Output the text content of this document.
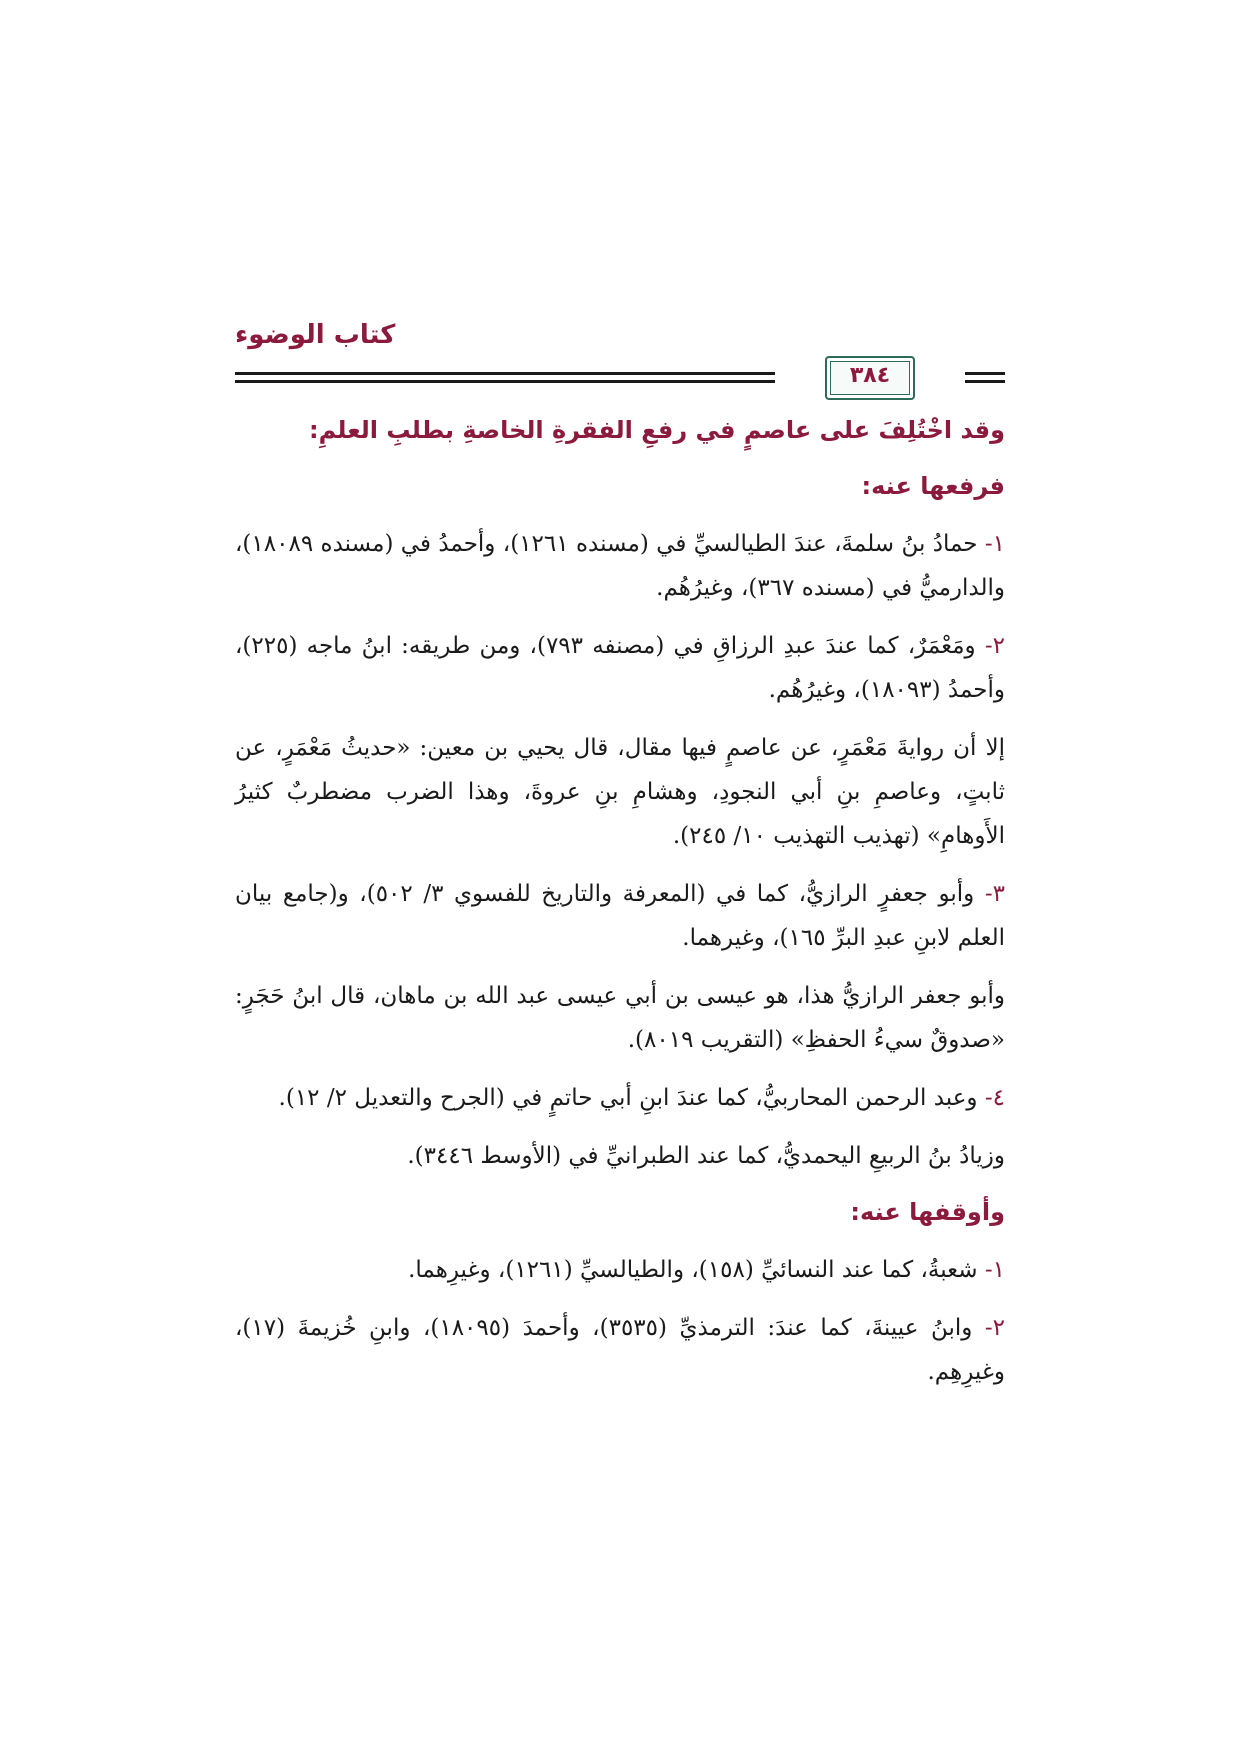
كتاب الوضوء
٣٨٤
وقد اخْتُلِفَ على عاصمٍ في رفعِ الفقرةِ الخاصةِ بطلبِ العلمِ:
فرفعها عنه:
١- حمادُ بنُ سلمةَ، عندَ الطيالسيِّ في (مسنده ١٢٦١)، وأحمدُ في (مسنده ١٨٠٨٩)، والدارميُّ في (مسنده ٣٦٧)، وغيرُهُم.
٢- ومَعْمَرٌ، كما عندَ عبدِ الرزاقِ في (مصنفه ٧٩٣)، ومن طريقه: ابنُ ماجه (٢٢٥)، وأحمدُ (١٨٠٩٣)، وغيرُهُم.
إلا أن روايةَ مَعْمَرٍ، عن عاصمٍ فيها مقال، قال يحيي بن معين: «حديثُ مَعْمَرٍ، عن ثابتٍ، وعاصمِ بنِ أبي النجودِ، وهشامِ بنِ عروةَ، وهذا الضرب مضطربٌ كثيرُ الأَوهامِ» (تهذيب التهذيب ١٠/ ٢٤٥).
٣- وأبو جعفرٍ الرازيُّ، كما في (المعرفة والتاريخ للفسوي ٣/ ٥٠٢)، و(جامع بيان العلم لابنِ عبدِ البرِّ ١٦٥)، وغيرهما.
وأبو جعفر الرازيُّ هذا، هو عيسى بن أبي عيسى عبد الله بن ماهان، قال ابنُ حَجَرٍ: «صدوقٌ سيءُ الحفظِ» (التقريب ٨٠١٩).
٤- وعبد الرحمن المحاربيُّ، كما عندَ ابنِ أبي حاتمٍ في (الجرح والتعديل ٢/ ١٢).
وزيادُ بنُ الربيعِ اليحمديُّ، كما عند الطبرانيِّ في (الأوسط ٣٤٤٦).
وأوقفها عنه:
١- شعبةُ، كما عند النسائيِّ (١٥٨)، والطيالسيِّ (١٢٦١)، وغيرِهما.
٢- وابنُ عيينةَ، كما عندَ: الترمذيِّ (٣٥٣٥)، وأحمدَ (١٨٠٩٥)، وابنِ خُزيمةَ (١٧)، وغيرِهِم.
